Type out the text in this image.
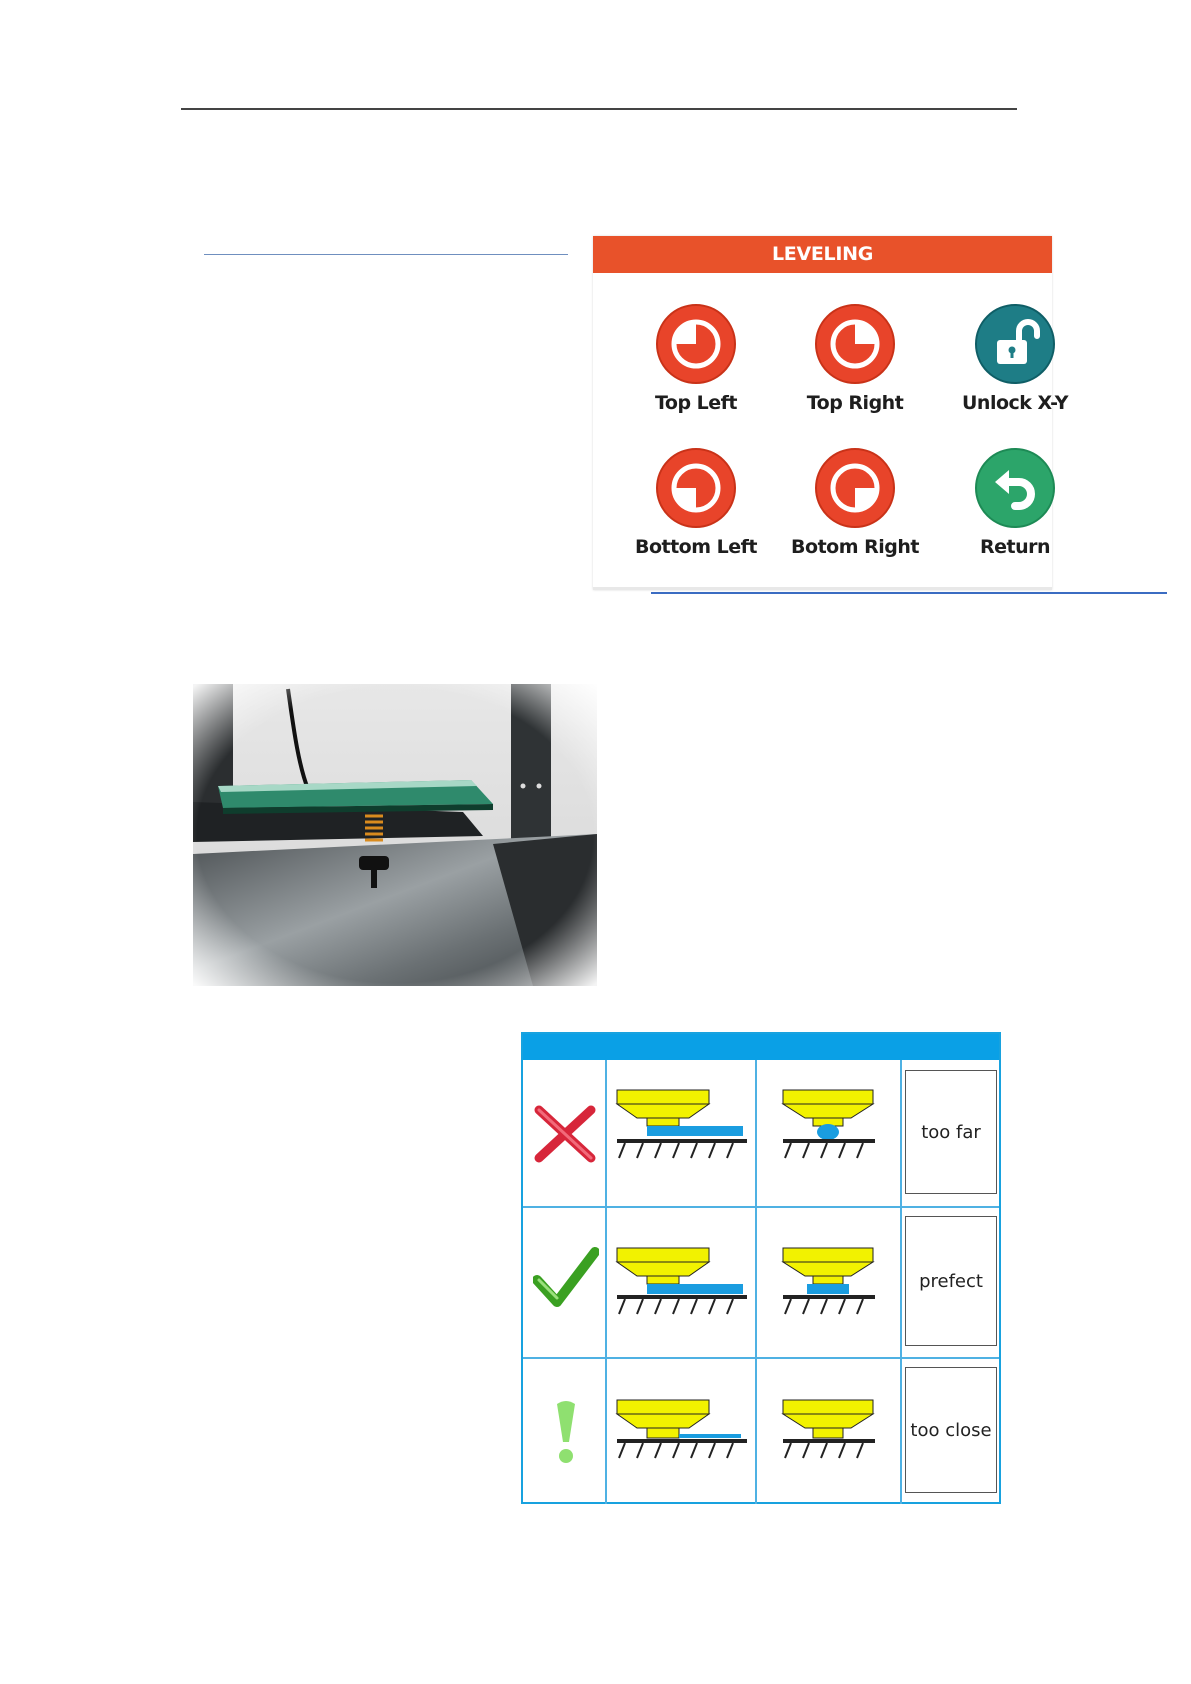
LEVELING
Top Left	Top Right	Unlock X-Y
Bottom Left	Botom Right	Return
too far
prefect
too close
